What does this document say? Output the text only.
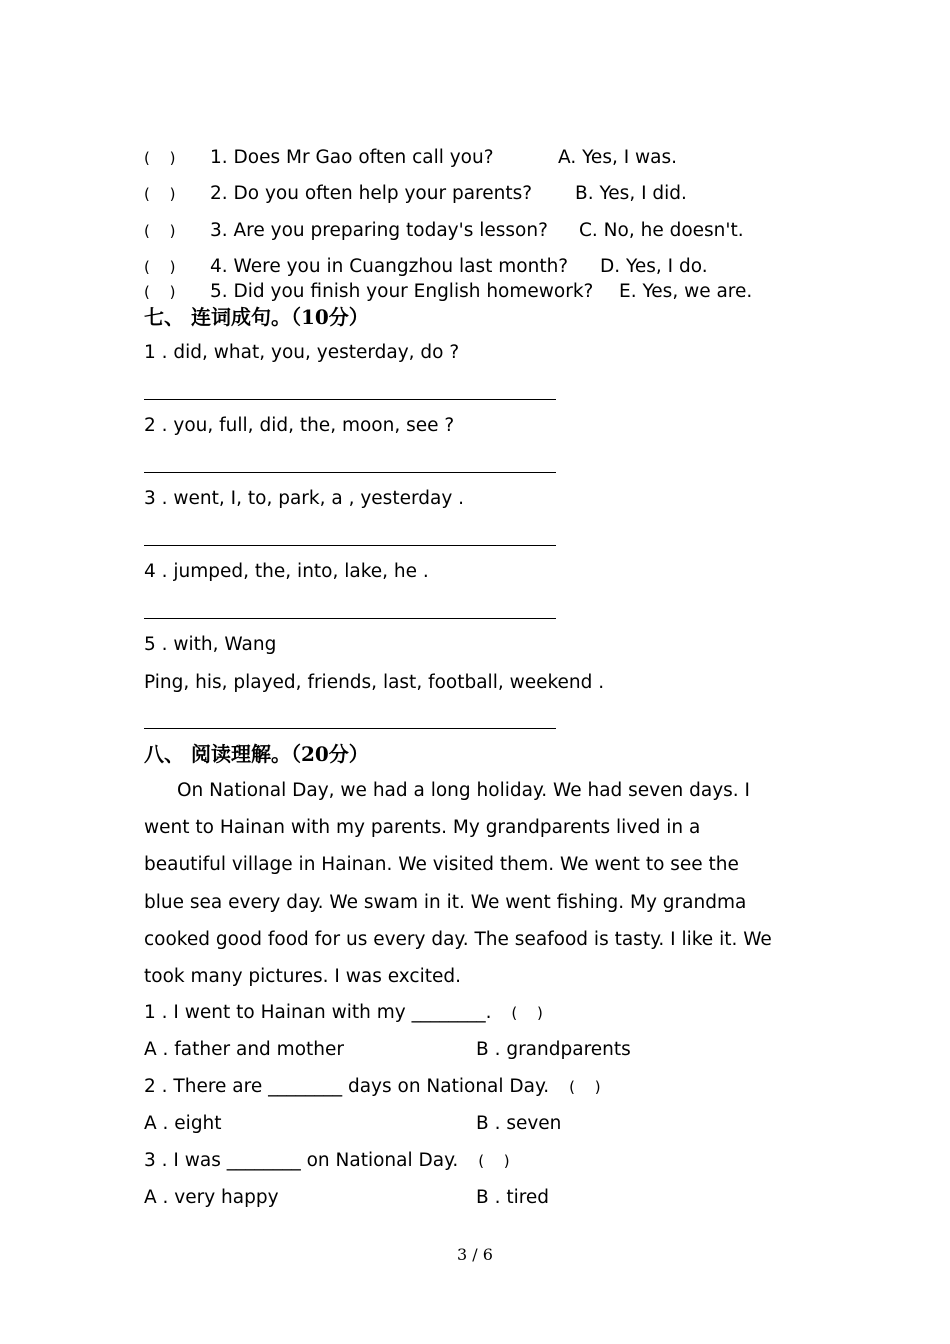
(　 ) 1. Does Mr Gao often call you?	A. Yes, I was.
(　 ) 2. Do you often help your parents? B. Yes, I did.
(　 ) 3. Are you preparing today's lesson? C. No, he doesn't.
(　 ) 4. Were you in Cuangzhou last month? D. Yes, I do.
(　 ) 5. Did you finish your English homework? E. Yes, we are.
七、 连词成句。（10分）
1 . did, what, you, yesterday, do ?
2 . you, full, did, the, moon, see ?
3 . went, I, to, park, a , yesterday .
4 . jumped, the, into, lake, he .
5 . with, Wang
Ping, his, played, friends, last, football, weekend .
八、 阅读理解。（20分）
On National Day, we had a long holiday. We had seven days. I
went to Hainan with my parents. My grandparents lived in a
beautiful village in Hainan. We visited them. We went to see the
blue sea every day. We swam in it. We went fishing. My grandma
cooked good food for us every day. The seafood is tasty. I like it. We
took many pictures. I was excited.
1 . I went to Hainan with my ________. (　 )
A . father and mother	B . grandparents
2 . There are ________ days on National Day. (　 )
A . eight	B . seven
3 . I was ________ on National Day. (　 )
A . very happy	B . tired
3 / 6
